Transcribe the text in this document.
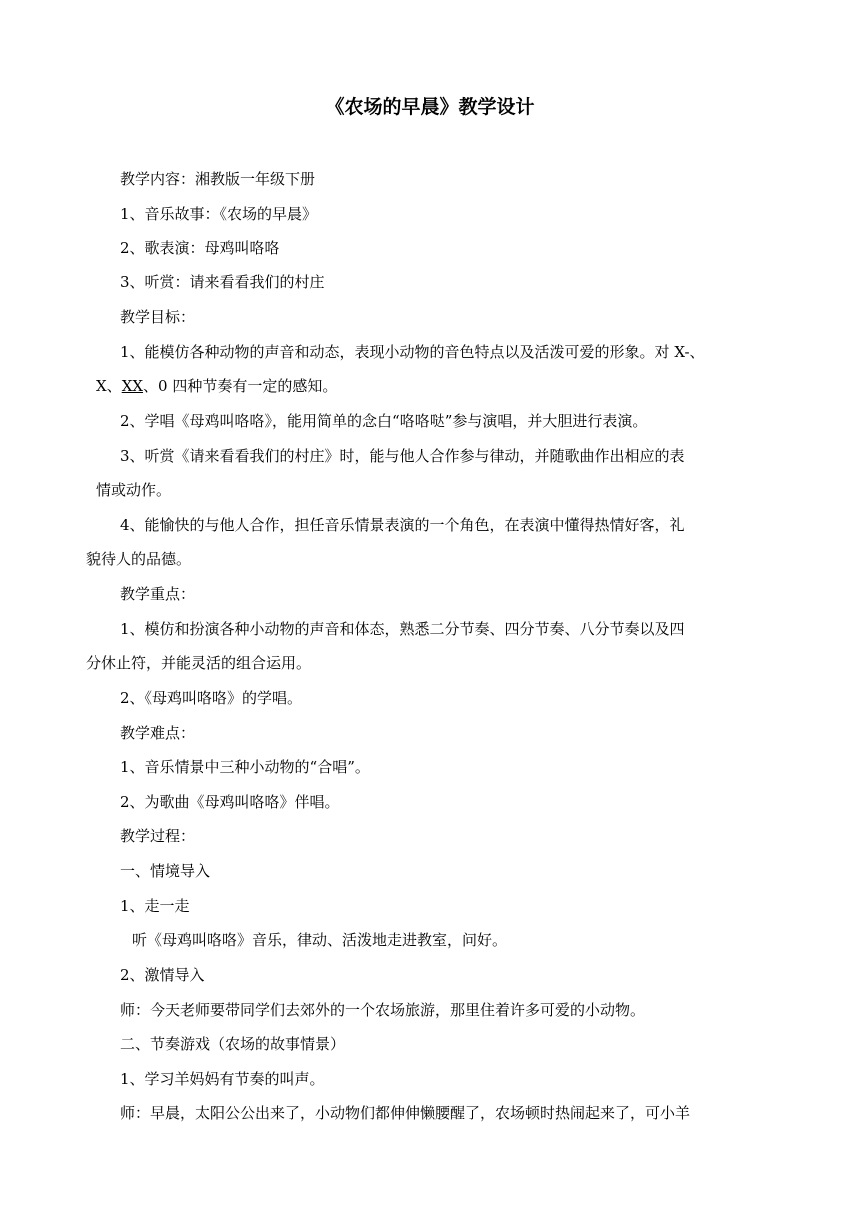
《农场的早晨》教学设计
教学内容：湘教版一年级下册
1、音乐故事：《农场的早晨》
2、歌表演：母鸡叫咯咯
3、听赏：请来看看我们的村庄
教学目标：
1、能模仿各种动物的声音和动态，表现小动物的音色特点以及活泼可爱的形象。对 X-、
X、XX、0 四种节奏有一定的感知。
2、学唱《母鸡叫咯咯》，能用简单的念白“咯咯哒”参与演唱，并大胆进行表演。
3、听赏《请来看看我们的村庄》时，能与他人合作参与律动，并随歌曲作出相应的表
情或动作。
4、能愉快的与他人合作，担任音乐情景表演的一个角色，在表演中懂得热情好客，礼
貌待人的品德。
教学重点：
1、模仿和扮演各种小动物的声音和体态，熟悉二分节奏、四分节奏、八分节奏以及四
分休止符，并能灵活的组合运用。
2、《母鸡叫咯咯》的学唱。
教学难点：
1、音乐情景中三种小动物的“合唱”。
2、为歌曲《母鸡叫咯咯》伴唱。
教学过程：
一、情境导入
1、走一走
听《母鸡叫咯咯》音乐，律动、活泼地走进教室，问好。
2、激情导入
师：今天老师要带同学们去郊外的一个农场旅游，那里住着许多可爱的小动物。
二、节奏游戏（农场的故事情景）
1、学习羊妈妈有节奏的叫声。
师：早晨，太阳公公出来了，小动物们都伸伸懒腰醒了，农场顿时热闹起来了，可小羊
